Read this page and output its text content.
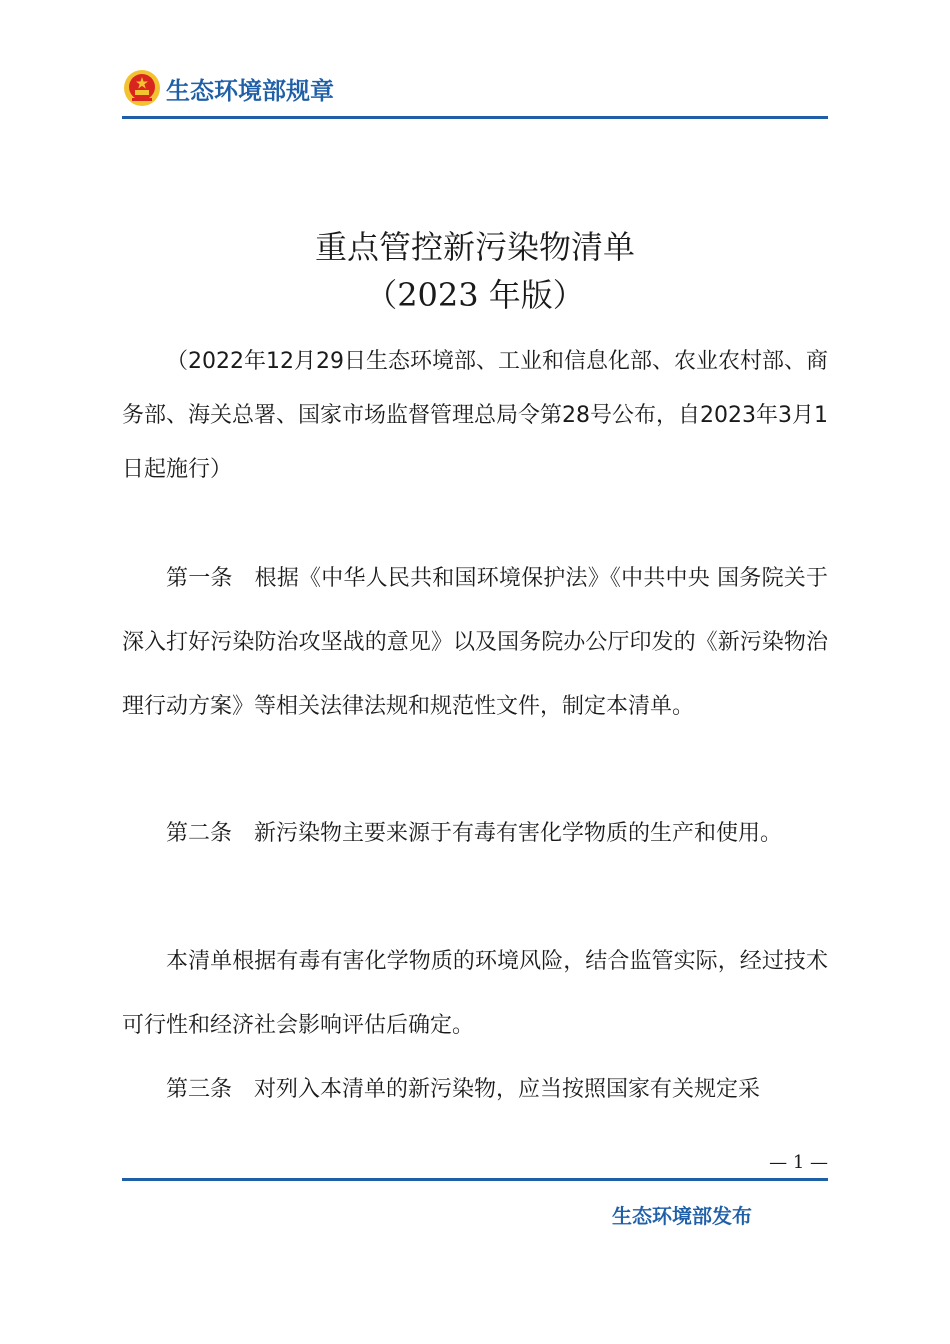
生态环境部规章
重点管控新污染物清单
（2023 年版）
（2022年12月29日生态环境部、工业和信息化部、农业农村部、商务部、海关总署、国家市场监督管理总局令第28号公布，自2023年3月1日起施行）
第一条 根据《中华人民共和国环境保护法》《中共中央 国务院关于深入打好污染防治攻坚战的意见》以及国务院办公厅印发的《新污染物治理行动方案》等相关法律法规和规范性文件，制定本清单。
第二条 新污染物主要来源于有毒有害化学物质的生产和使用。
本清单根据有毒有害化学物质的环境风险，结合监管实际，经过技术可行性和经济社会影响评估后确定。
第三条 对列入本清单的新污染物，应当按照国家有关规定采
— 1 —
生态环境部发布
